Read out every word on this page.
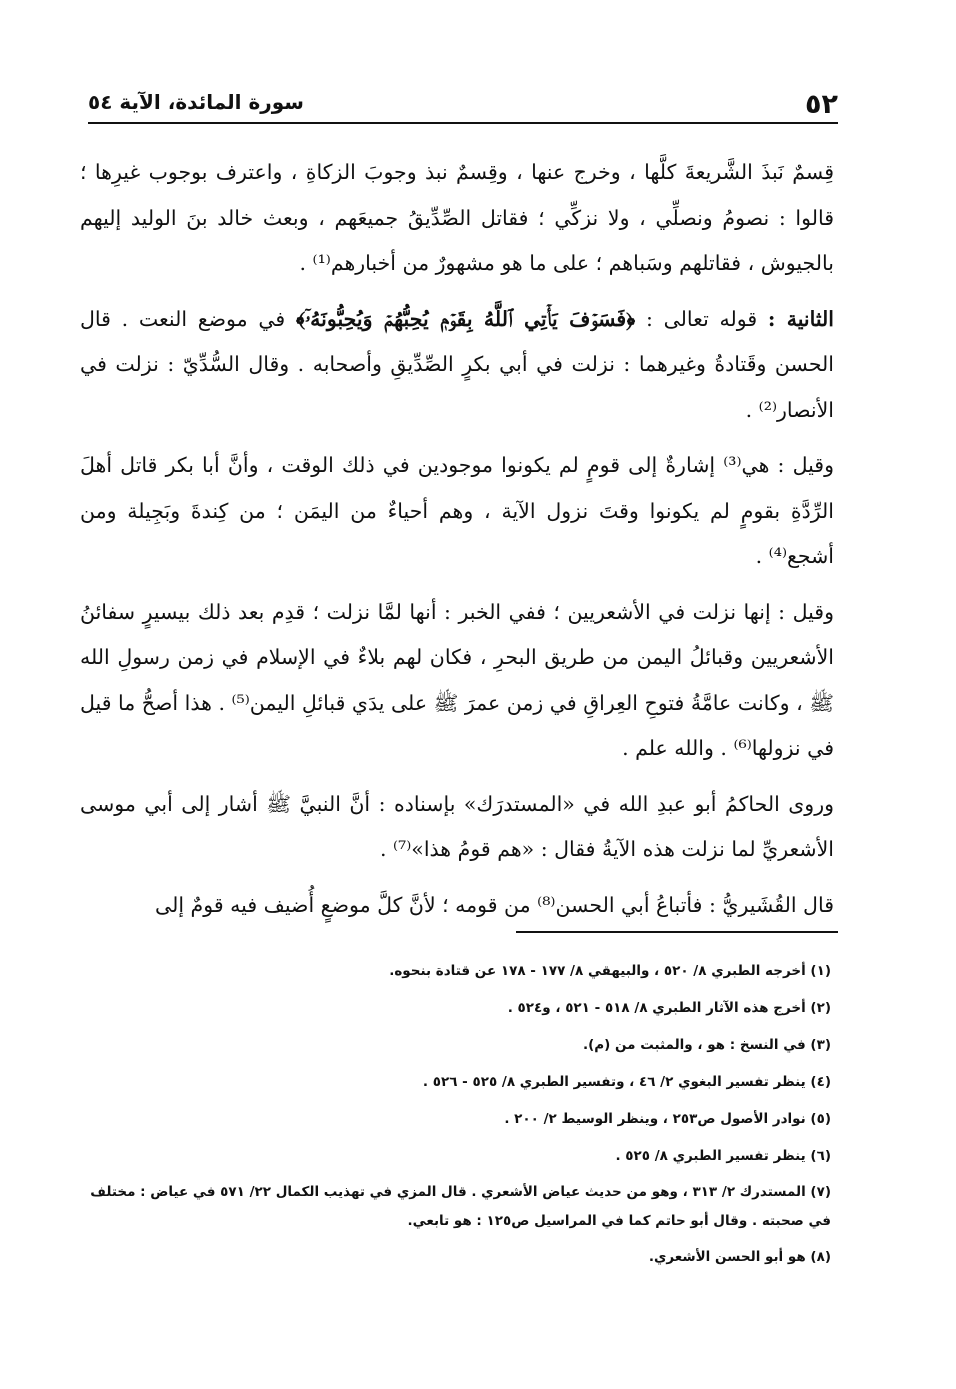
٥٢
سورة المائدة، الآية ٥٤

قِسمٌ نَبذَ الشَّريعةَ كلَّها ، وخرج عنها ، وقِسمٌ نبذ وجوبَ الزكاةِ ، واعترف بوجوب غيرِها ؛ قالوا : نصومُ ونصلِّي ، ولا نزكِّي ؛ فقاتل الصِّدِّيقُ جميعَهم ، وبعث خالد بنَ الوليد إليهم بالجيوش ، فقاتلهم وسَباهم ؛ على ما هو مشهورٌ من أخبارهم⁽¹⁾ .

الثانية : قوله تعالى : ﴿فَسَوۡفَ يَأۡتِي ٱللَّهُ بِقَوۡمٖ يُحِبُّهُمۡ وَيُحِبُّونَهُۥٓ﴾ في موضع النعت . قال الحسن وقَتادةُ وغيرهما : نزلت في أبي بكرٍ الصِّدِّيقِ وأصحابه . وقال السُّدِّيّ : نزلت في الأنصار⁽²⁾ .

وقيل : هي⁽³⁾ إشارةٌ إلى قومٍ لم يكونوا موجودين في ذلك الوقت ، وأنَّ أبا بكر قاتل أهلَ الرِّدَّةِ بقومٍ لم يكونوا وقتَ نزول الآية ، وهم أحياءٌ من اليمَن ؛ من كِندةَ وبَجِيلة ومن أشجع⁽⁴⁾ .

وقيل : إنها نزلت في الأشعريين ؛ ففي الخبر : أنها لمَّا نزلت ؛ قدِم بعد ذلك بيسيرٍ سفائنُ الأشعريين وقبائلُ اليمن من طريق البحرِ ، فكان لهم بلاءٌ في الإسلام في زمن رسولِ الله ﷺ ، وكانت عامَّةُ فتوحِ العِراقِ في زمن عمرَ ﷺ على يدَي قبائلِ اليمن⁽⁵⁾ . هذا أصحُّ ما قيل في نزولها⁽⁶⁾ . والله علم .

وروى الحاكمُ أبو عبدِ الله في «المستدرَك» بإسناده : أنَّ النبيَّ ﷺ أشار إلى أبي موسى الأشعريِّ لما نزلت هذه الآيةُ فقال : «هم قومُ هذا»⁽⁷⁾ .

قال القُشَيريُّ : فأتباعُ أبي الحسن⁽⁸⁾ من قومه ؛ لأنَّ كلَّ موضعٍ أُضيف فيه قومٌ إلى

(١) أخرجه الطبري ٨/ ٥٢٠ ، والبيهقي ٨/ ١٧٧ - ١٧٨ عن قتادة بنحوه.

(٢) أخرج هذه الآثار الطبري ٨/ ٥١٨ - ٥٢١ ، و٥٢٤ .

(٣) في النسخ : هو ، والمثبت من (م).

(٤) ينظر تفسير البغوي ٢/ ٤٦ ، وتفسير الطبري ٨/ ٥٢٥ - ٥٢٦ .

(٥) نوادر الأصول ص٢٥٣ ، وينظر الوسيط ٢/ ٢٠٠ .

(٦) ينظر تفسير الطبري ٨/ ٥٢٥ .

(٧) المستدرك ٢/ ٣١٣ ، وهو من حديث عياض الأشعري . قال المزي في تهذيب الكمال ٢٢/ ٥٧١ في عياض : مختلف في صحبته . وقال أبو حاتم كما في المراسيل ص١٢٥ : هو تابعي.

(٨) هو أبو الحسن الأشعري.
